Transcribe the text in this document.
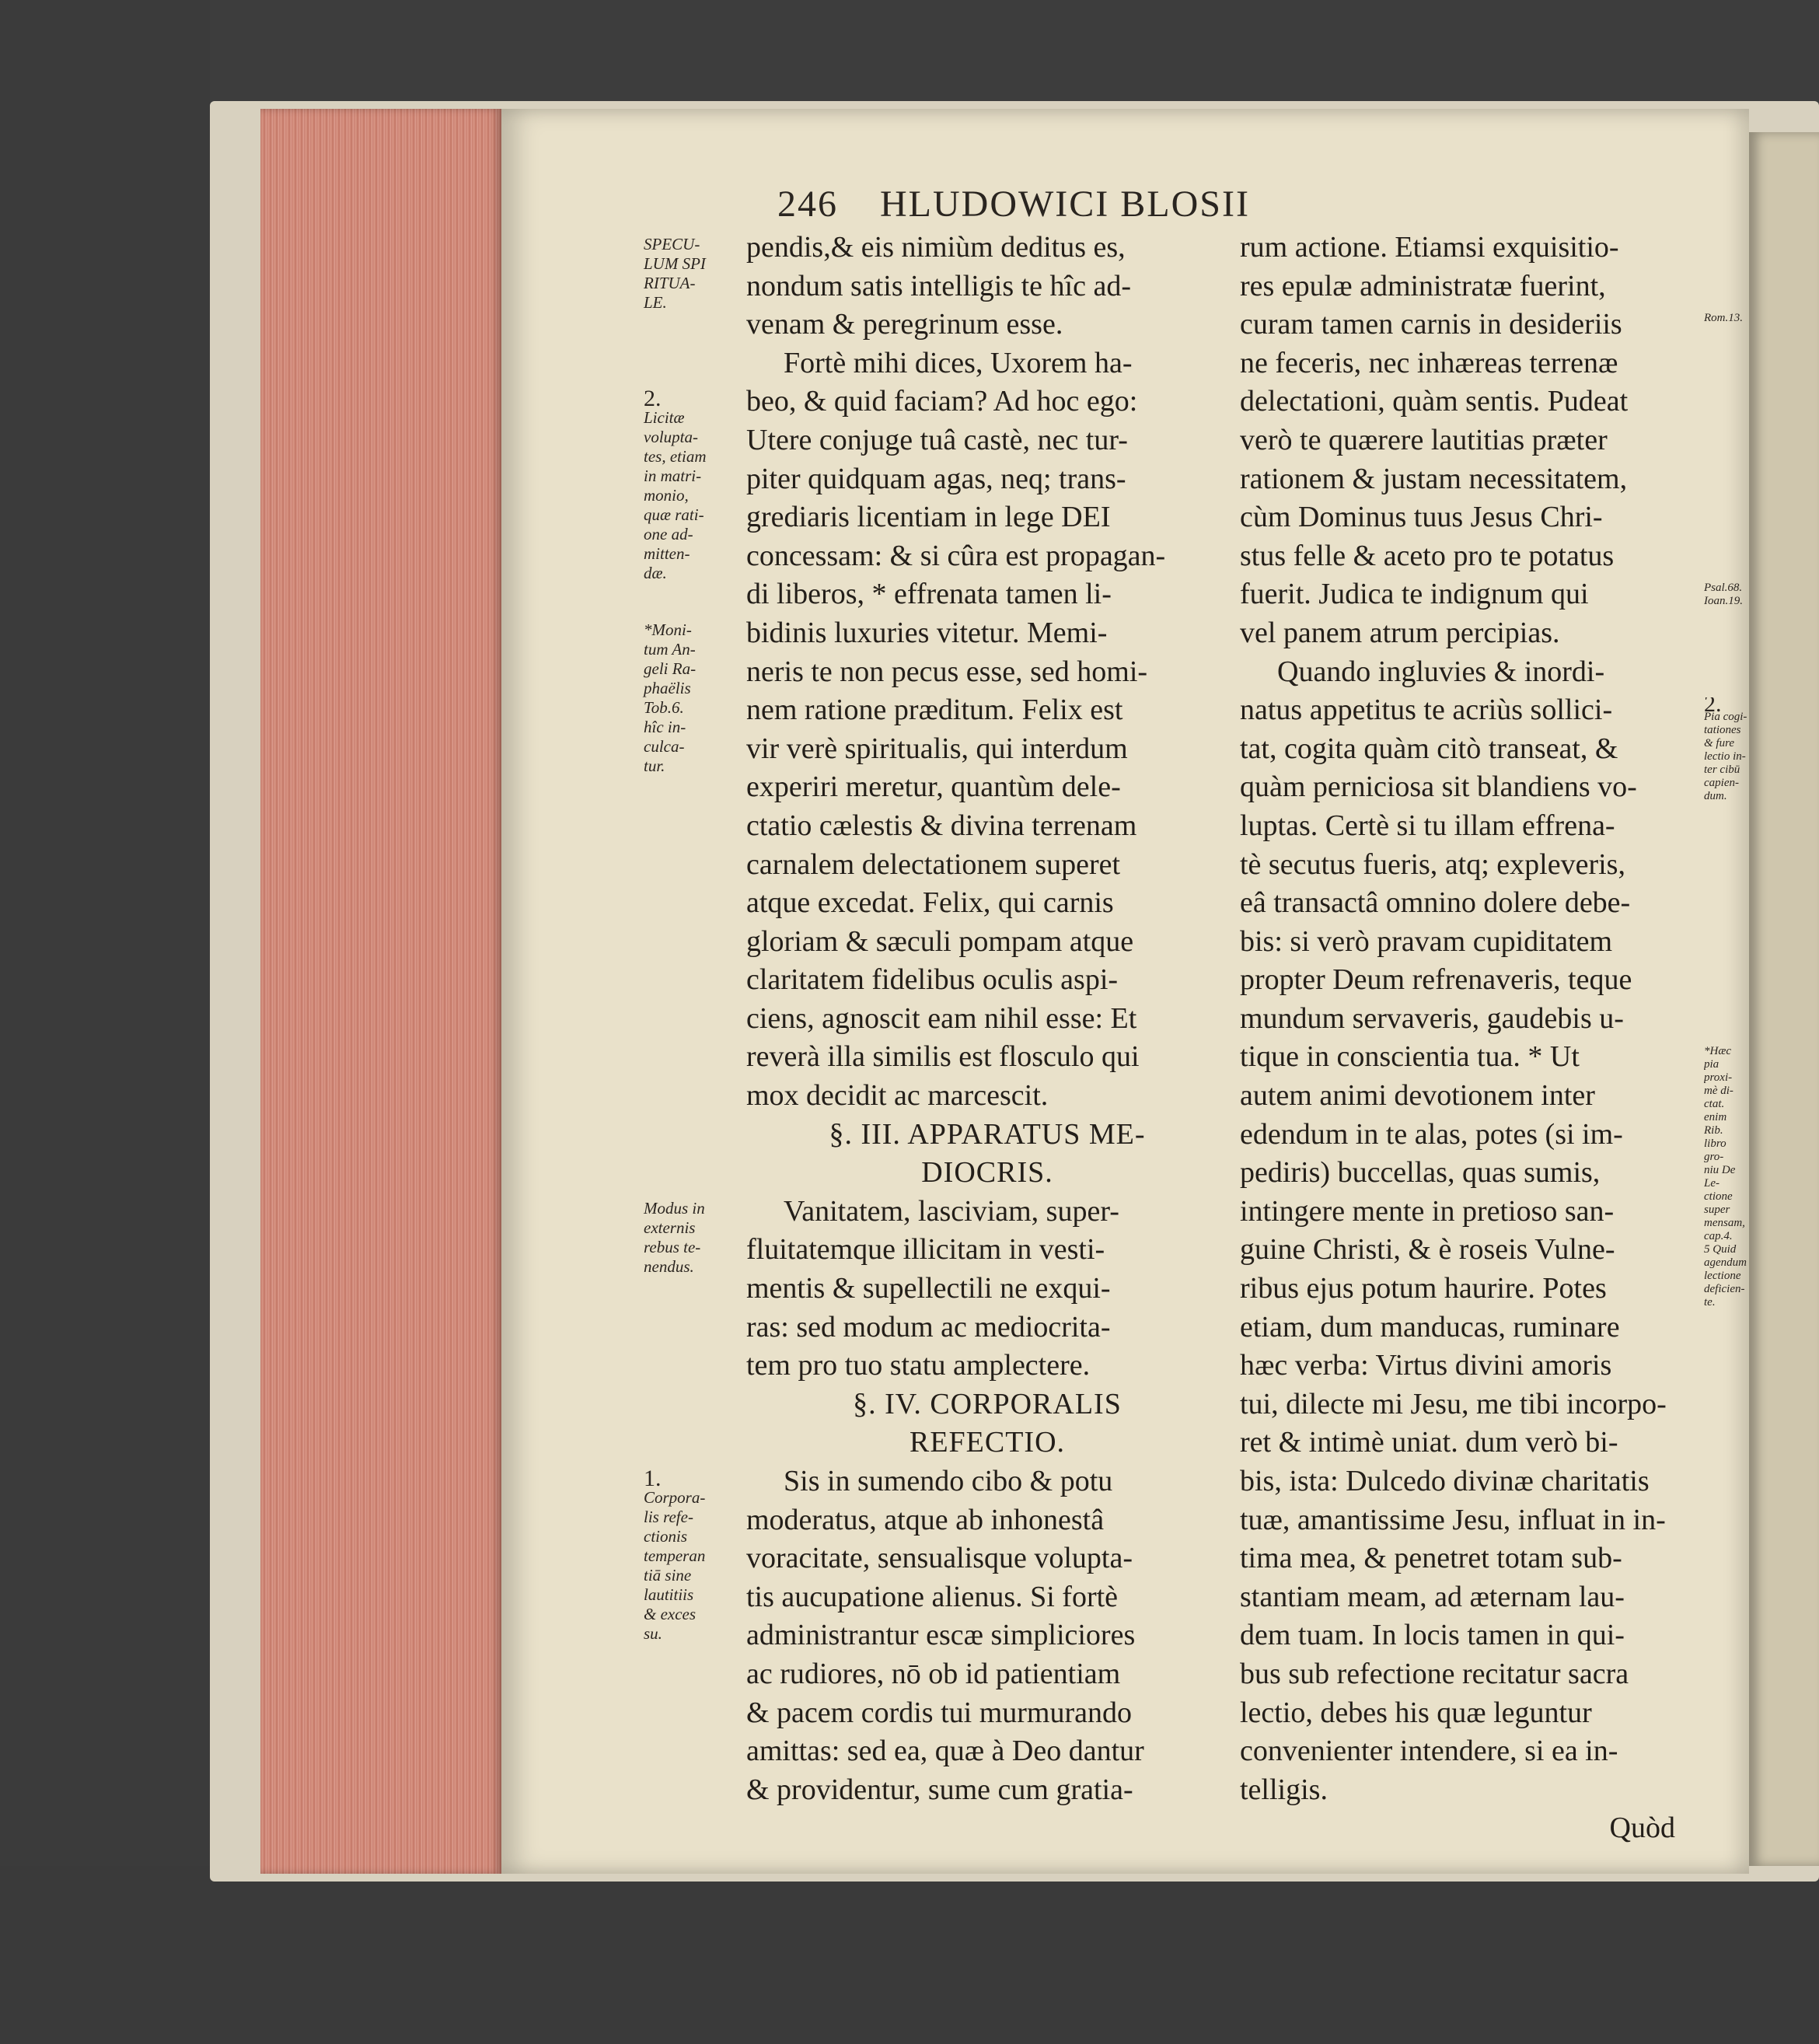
246 HLUDOWICI BLOSII
pendis,& eis nimiùm deditus es,
nondum satis intelligis te hîc ad-
venam & peregrinum esse.
Fortè mihi dices, Uxorem ha-
beo, & quid faciam? Ad hoc ego:
Utere conjuge tuâ castè, nec tur-
piter quidquam agas, neq; trans-
grediaris licentiam in lege DEI
concessam: & si cûra est propagan-
di liberos, * effrenata tamen li-
bidinis luxuries vitetur. Memi-
neris te non pecus esse, sed homi-
nem ratione præditum. Felix est
vir verè spiritualis, qui interdum
experiri meretur, quantùm dele-
ctatio cælestis & divina terrenam
carnalem delectationem superet
atque excedat. Felix, qui carnis
gloriam & sæculi pompam atque
claritatem fidelibus oculis aspi-
ciens, agnoscit eam nihil esse: Et
reverà illa similis est flosculo qui
mox decidit ac marcescit.
§. III. APPARATUS ME-
DIOCRIS.
Vanitatem, lasciviam, super-
fluitatemque illicitam in vesti-
mentis & supellectili ne exqui-
ras: sed modum ac mediocrita-
tem pro tuo statu amplectere.
§. IV. CORPORALIS
REFECTIO.
Sis in sumendo cibo & potu
moderatus, atque ab inhonestâ
voracitate, sensualisque volupta-
tis aucupatione alienus. Si fortè
administrantur escæ simpliciores
ac rudiores, nō ob id patientiam
& pacem cordis tui murmurando
amittas: sed ea, quæ à Deo dantur
& providentur, sume cum gratia-
rum actione. Etiamsi exquisitio-
res epulæ administratæ fuerint,
curam tamen carnis in desideriis
ne feceris, nec inhæreas terrenæ
delectationi, quàm sentis. Pudeat
verò te quærere lautitias præter
rationem & justam necessitatem,
cùm Dominus tuus Jesus Chri-
stus felle & aceto pro te potatus
fuerit. Judica te indignum qui
vel panem atrum percipias.
Quando ingluvies & inordi-
natus appetitus te acriùs sollici-
tat, cogita quàm citò transeat, &
quàm perniciosa sit blandiens vo-
luptas. Certè si tu illam effrena-
tè secutus fueris, atq; expleveris,
eâ transactâ omnino dolere debe-
bis: si verò pravam cupiditatem
propter Deum refrenaveris, teque
mundum servaveris, gaudebis u-
tique in conscientia tua. * Ut
autem animi devotionem inter
edendum in te alas, potes (si im-
pediris) buccellas, quas sumis,
intingere mente in pretioso san-
guine Christi, & è roseis Vulne-
ribus ejus potum haurire. Potes
etiam, dum manducas, ruminare
hæc verba: Virtus divini amoris
tui, dilecte mi Jesu, me tibi incorpo-
ret & intimè uniat. dum verò bi-
bis, ista: Dulcedo divinæ charitatis
tuæ, amantissime Jesu, influat in in-
tima mea, & penetret totam sub-
stantiam meam, ad æternam lau-
dem tuam. In locis tamen in qui-
bus sub refectione recitatur sacra
lectio, debes his quæ leguntur
convenienter intendere, si ea in-
telligis.
Quòd
SPECU-
LUM SPI
RITUA-
LE.
2.
Licitæ
volupta-
tes, etiam
in matri-
monio,
quæ rati-
one ad-
mitten-
dæ.
*Moni-
tum An-
geli Ra-
phaëlis
Tob.6.
hîc in-
culca-
tur.
Modus in
externis
rebus te-
nendus.
1.
Corpora-
lis refe-
ctionis
temperan
tiā sine
lautitiis
& exces
su.
Rom.13.
Psal.68.
Ioan.19.
2.
Pia cogi-
tationes
& fure
lectio in-
ter cibū
capien-
dum.
*Hæc
pia
proxi-
mè di-
ctat.
enim
Rib.
libro
gro-
niu De
Le-
ctione
super
mensam,
cap.4.
5 Quid
agendum
lectione
deficien-
te.
